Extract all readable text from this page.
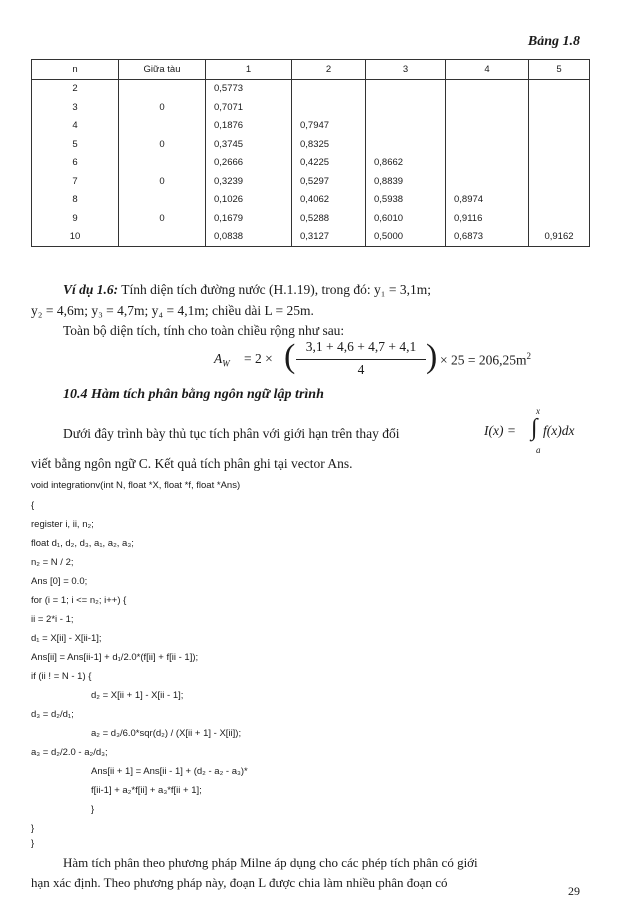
Bảng 1.8
n	Giữa tàu	1	2	3	4	5
2		0,5773				
3	0	0,7071				
4		0,1876	0,7947			
5	0	0,3745	0,8325			
6		0,2666	0,4225	0,8662		
7	0	0,3239	0,5297	0,8839		
8		0,1026	0,4062	0,5938	0,8974	
9	0	0,1679	0,5288	0,6010	0,9116	
10		0,0838	0,3127	0,5000	0,6873	0,9162
Ví dụ 1.6: Tính diện tích đường nước (H.1.19), trong đó: y₁ = 3,1m;
y₂ = 4,6m; y₃ = 4,7m; y₄ = 4,1m; chiều dài L = 25m.
Toàn bộ diện tích, tính cho toàn chiều rộng như sau:
$A_W = 2$ × ( 3,1 + 4,6 + 4,7 + 4,1
4	) × $25 = 206,25m^2$
10.4 Hàm tích phân bằng ngôn ngữ lập trình
Dưới đây trình bày thủ tục tích phân với giới hạn trên thay đổi	I(x) =
x
∫
a
f(x)dx
viết bằng ngôn ngữ C. Kết quả tích phân ghi tại vector Ans.
void integrationv(int N, float *X, float *f, float *Ans)
{
register i, ii, n₂;
float d₁, d₂, d₃, a₁, a₂, a₃;
n₂ = N / 2;
Ans [0] = 0.0;
for (i = 1; i <= n₂; i++) {
ii = 2*i - 1;
d₁ = X[ii] - X[ii-1];
Ans[ii] = Ans[ii-1] + d₁/2.0*(f[ii] + f[ii - 1]);
if (ii ! = N - 1) {
d₂ = X[ii + 1] - X[ii - 1];
d₃ = d₂/d₁;
a₂ = d₃/6.0*sqr(d₂) / (X[ii + 1] - X[ii]);
a₃ = d₂/2.0 - a₂/d₃;
Ans[ii + 1] = Ans[ii - 1] + (d₂ - a₂ - a₃)*
f[ii-1] + a₂*f[ii] + a₃*f[ii + 1];
}
}
}
Hàm tích phân theo phương pháp Milne áp dụng cho các phép tích phân có giới
hạn xác định. Theo phương pháp này, đoạn L được chia làm nhiều phân đoạn có
29
